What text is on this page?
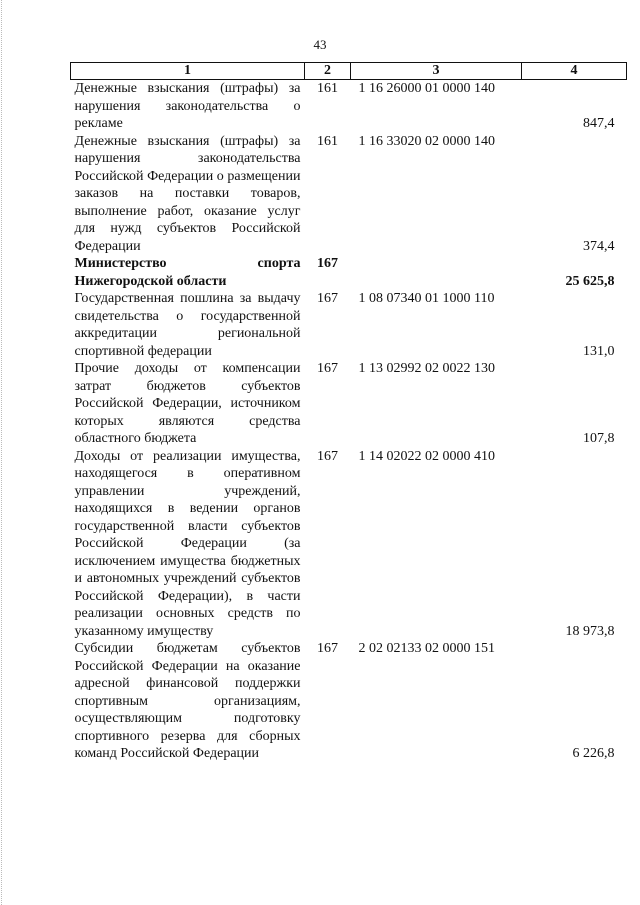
43
1	2	3	4
Денежные взыскания (штрафы) за нарушения законодательства о рекламе	161	1 16 26000 01 0000 140	847,4
Денежные взыскания (штрафы) за нарушения законодательства Российской Федерации о размещении заказов на поставки товаров, выполнение работ, оказание услуг для нужд субъектов Российской Федерации	161	1 16 33020 02 0000 140	374,4
Министерство спорта Нижегородской области	167		25 625,8
Государственная пошлина за выдачу свидетельства о государственной аккредитации региональной спортивной федерации	167	1 08 07340 01 1000 110	131,0
Прочие доходы от компенсации затрат бюджетов субъектов Российской Федерации, источником которых являются средства областного бюджета	167	1 13 02992 02 0022 130	107,8
Доходы от реализации имущества, находящегося в оперативном управлении учреждений, находящихся в ведении органов государственной власти субъектов Российской Федерации (за исключением имущества бюджетных и автономных учреждений субъектов Российской Федерации), в части реализации основных средств по указанному имуществу	167	1 14 02022 02 0000 410	18 973,8
Субсидии бюджетам субъектов Российской Федерации на оказание адресной финансовой поддержки спортивным организациям, осуществляющим подготовку спортивного резерва для сборных команд Российской Федерации	167	2 02 02133 02 0000 151	6 226,8
